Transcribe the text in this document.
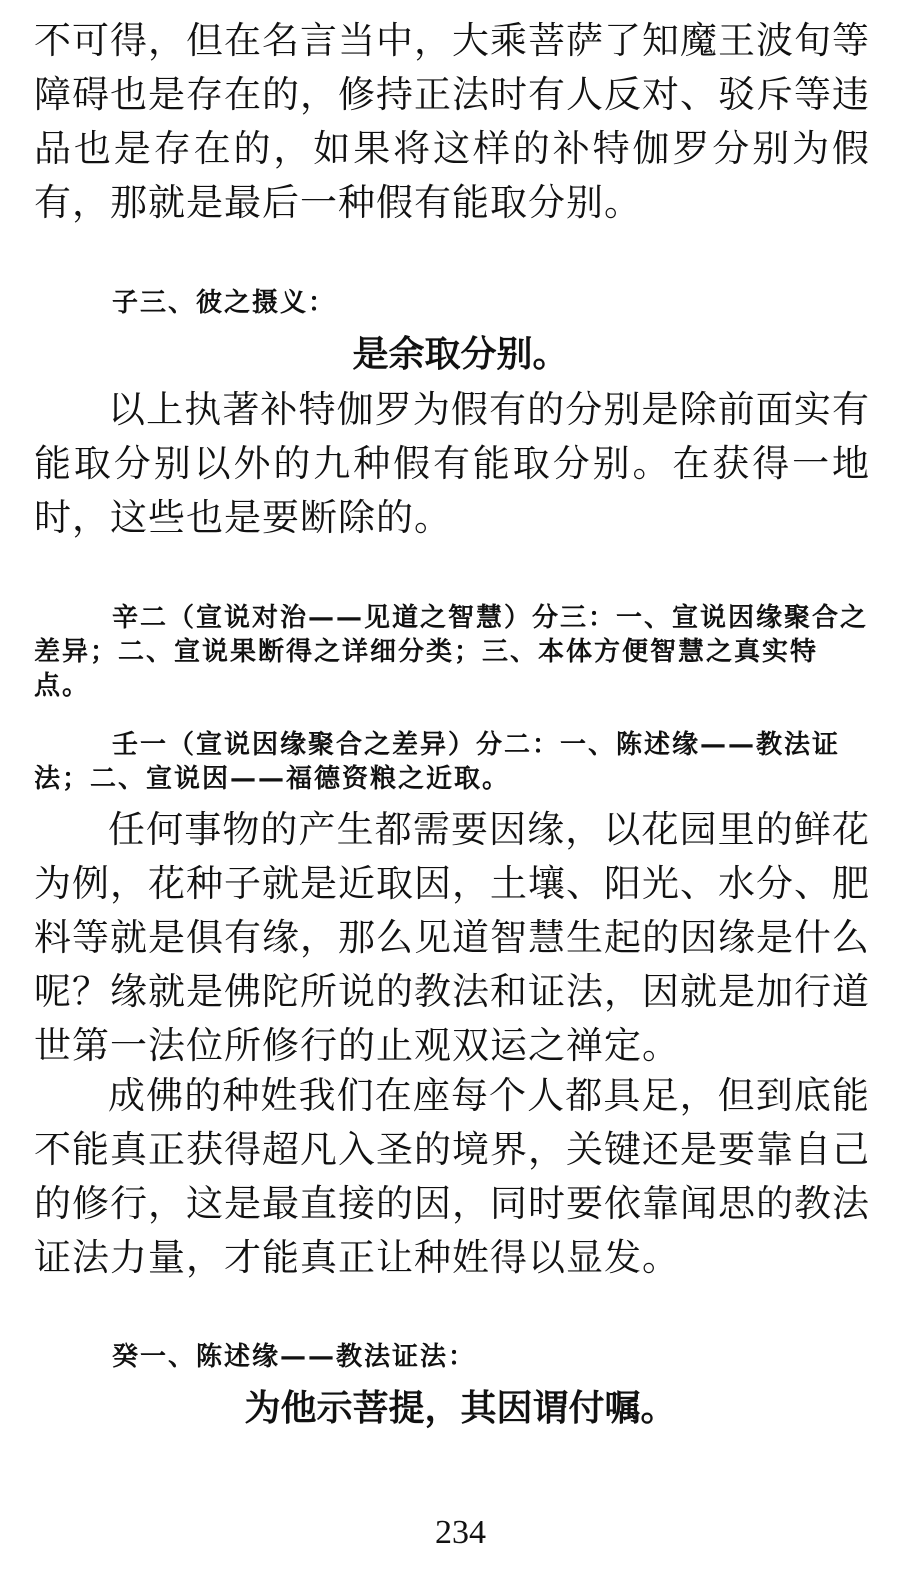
不可得，但在名言当中，大乘菩萨了知魔王波旬等障碍也是存在的，修持正法时有人反对、驳斥等违品也是存在的，如果将这样的补特伽罗分别为假有，那就是最后一种假有能取分别。
子三、彼之摄义：
是余取分别。
以上执著补特伽罗为假有的分别是除前面实有能取分别以外的九种假有能取分别。在获得一地时，这些也是要断除的。
辛二（宣说对治——见道之智慧）分三：一、宣说因缘聚合之差异；二、宣说果断得之详细分类；三、本体方便智慧之真实特点。
壬一（宣说因缘聚合之差异）分二：一、陈述缘——教法证法；二、宣说因——福德资粮之近取。
任何事物的产生都需要因缘，以花园里的鲜花为例，花种子就是近取因，土壤、阳光、水分、肥料等就是俱有缘，那么见道智慧生起的因缘是什么呢？缘就是佛陀所说的教法和证法，因就是加行道世第一法位所修行的止观双运之禅定。
成佛的种姓我们在座每个人都具足，但到底能不能真正获得超凡入圣的境界，关键还是要靠自己的修行，这是最直接的因，同时要依靠闻思的教法证法力量，才能真正让种姓得以显发。
癸一、陈述缘——教法证法：
为他示菩提，其因谓付嘱。
234
